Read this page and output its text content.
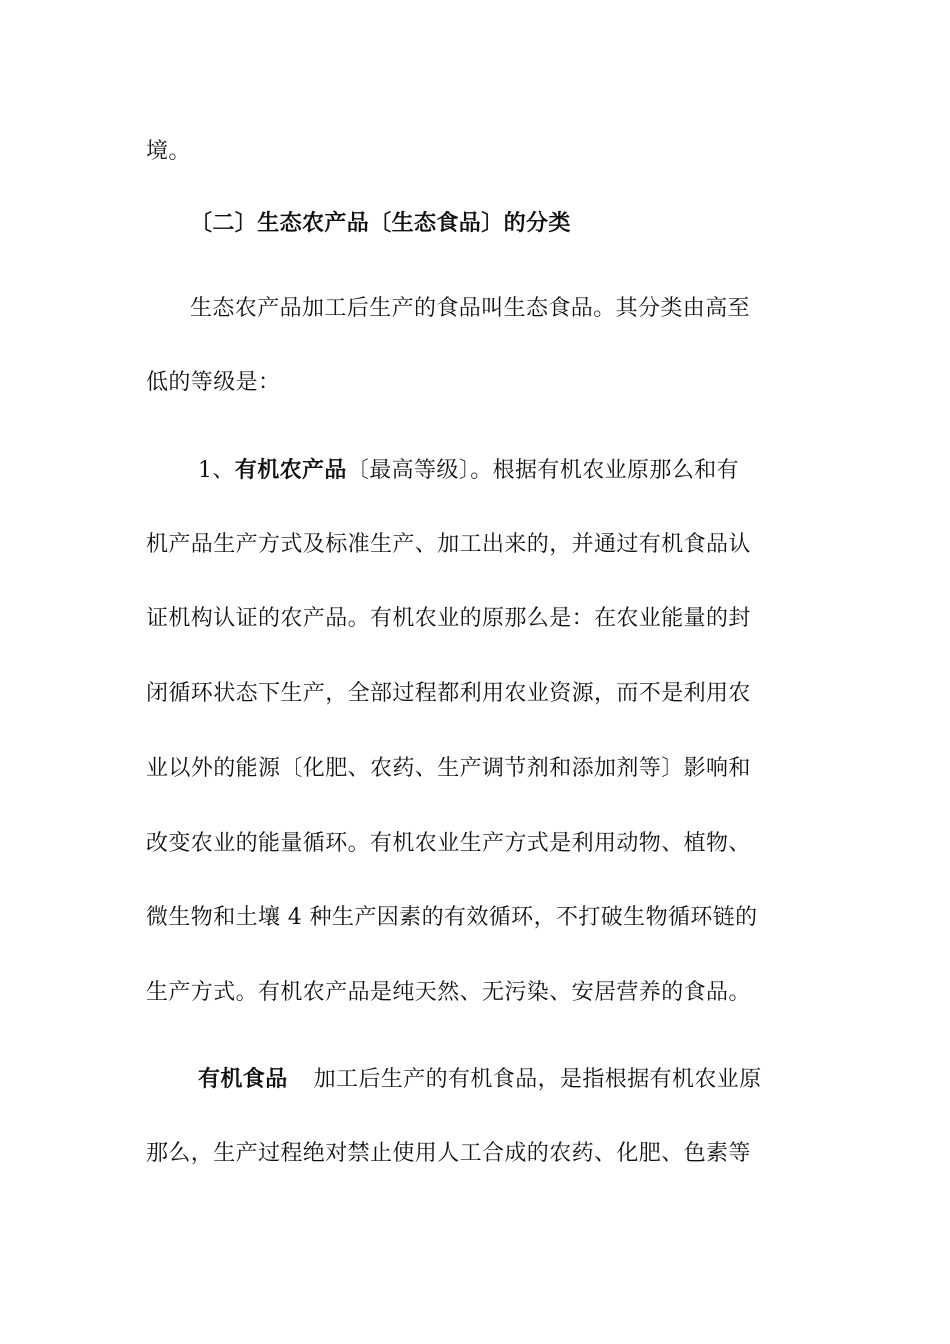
境。
〔二〕生态农产品〔生态食品〕的分类
生态农产品加工后生产的食品叫生态食品。其分类由高至
低的等级是：
1、有机农产品〔最高等级〕。根据有机农业原那么和有
机产品生产方式及标准生产、加工出来的，并通过有机食品认
证机构认证的农产品。有机农业的原那么是：在农业能量的封
闭循环状态下生产，全部过程都利用农业资源，而不是利用农
业以外的能源〔化肥、农药、生产调节剂和添加剂等〕影响和
改变农业的能量循环。有机农业生产方式是利用动物、植物、
微生物和土壤 4 种生产因素的有效循环，不打破生物循环链的
生产方式。有机农产品是纯天然、无污染、安居营养的食品。
有机食品 加工后生产的有机食品，是指根据有机农业原
那么，生产过程绝对禁止使用人工合成的农药、化肥、色素等
